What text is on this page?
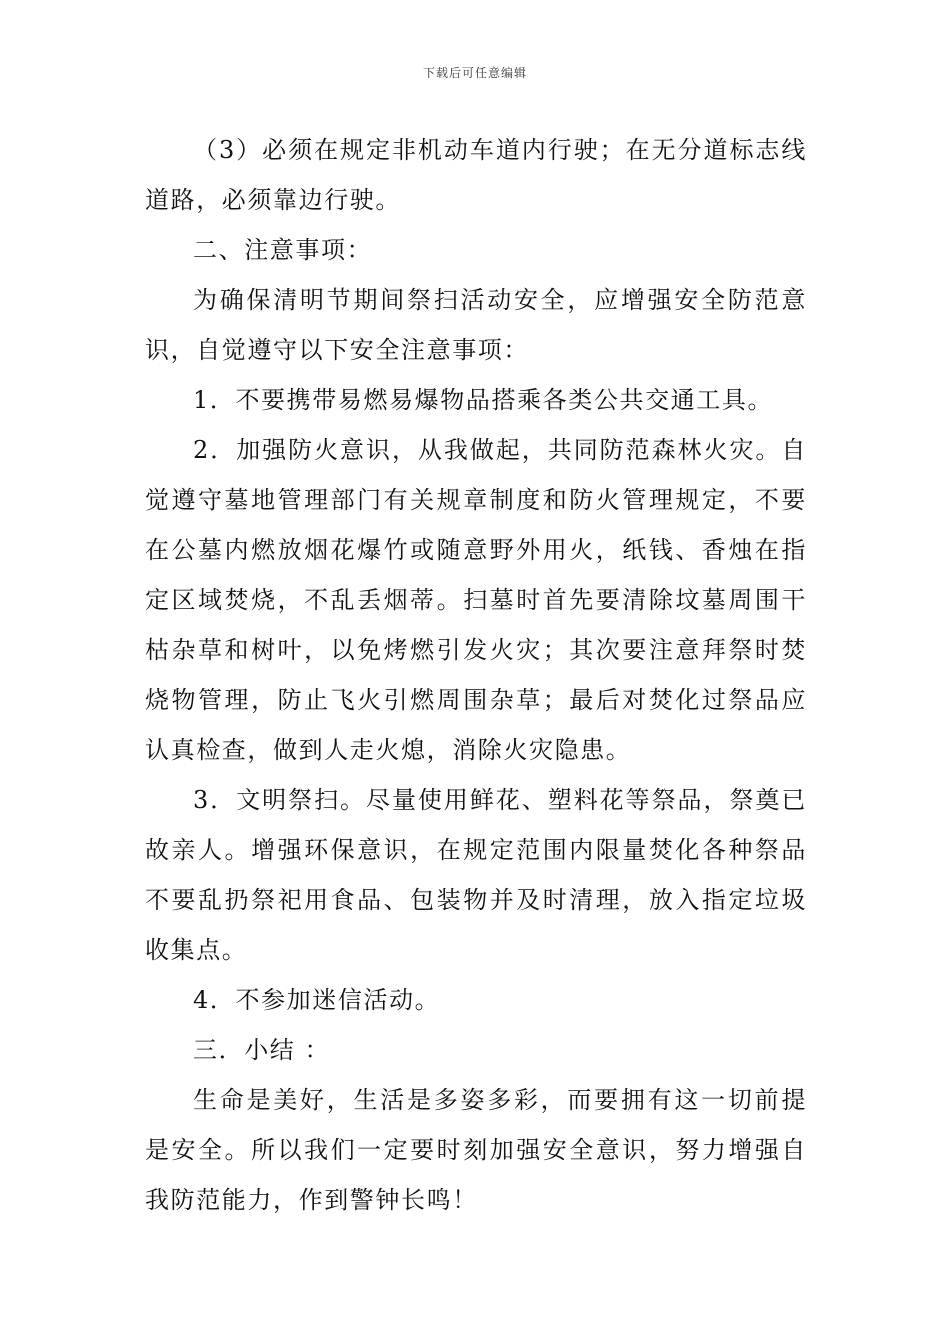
下载后可任意编辑

（3）必须在规定非机动车道内行驶；在无分道标志线道路，必须靠边行驶。

二、注意事项：

为确保清明节期间祭扫活动安全，应增强安全防范意识，自觉遵守以下安全注意事项：

1．不要携带易燃易爆物品搭乘各类公共交通工具。

2．加强防火意识，从我做起，共同防范森林火灾。自觉遵守墓地管理部门有关规章制度和防火管理规定，不要在公墓内燃放烟花爆竹或随意野外用火，纸钱、香烛在指定区域焚烧，不乱丢烟蒂。扫墓时首先要清除坟墓周围干枯杂草和树叶，以免烤燃引发火灾；其次要注意拜祭时焚烧物管理，防止飞火引燃周围杂草；最后对焚化过祭品应认真检查，做到人走火熄，消除火灾隐患。

3．文明祭扫。尽量使用鲜花、塑料花等祭品，祭奠已故亲人。增强环保意识，在规定范围内限量焚化各种祭品不要乱扔祭祀用食品、包装物并及时清理，放入指定垃圾收集点。

4．不参加迷信活动。

三．小结 ：

生命是美好，生活是多姿多彩，而要拥有这一切前提是安全。所以我们一定要时刻加强安全意识，努力增强自我防范能力，作到警钟长鸣！
